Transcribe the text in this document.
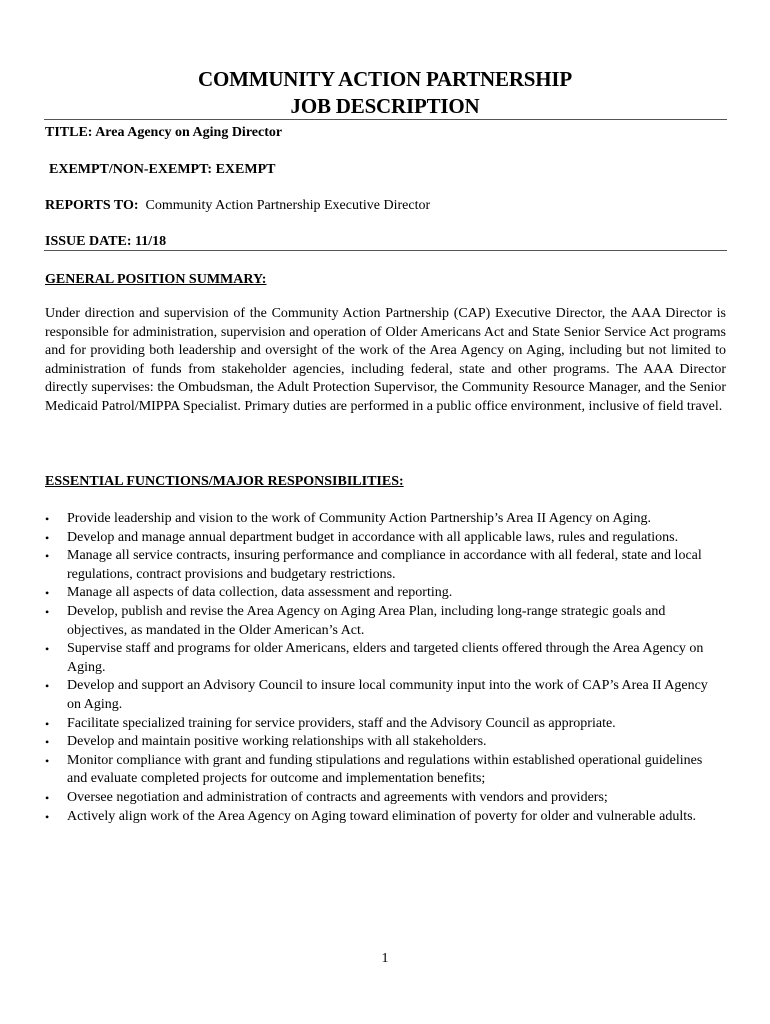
COMMUNITY ACTION PARTNERSHIP
JOB DESCRIPTION
TITLE: Area Agency on Aging Director
EXEMPT/NON-EXEMPT: EXEMPT
REPORTS TO: Community Action Partnership Executive Director
ISSUE DATE: 11/18
GENERAL POSITION SUMMARY:
Under direction and supervision of the Community Action Partnership (CAP) Executive Director, the AAA Director is responsible for administration, supervision and operation of Older Americans Act and State Senior Service Act programs and for providing both leadership and oversight of the work of the Area Agency on Aging, including but not limited to administration of funds from stakeholder agencies, including federal, state and other programs. The AAA Director directly supervises: the Ombudsman, the Adult Protection Supervisor, the Community Resource Manager, and the Senior Medicaid Patrol/MIPPA Specialist. Primary duties are performed in a public office environment, inclusive of field travel.
ESSENTIAL FUNCTIONS/MAJOR RESPONSIBILITIES:
• Provide leadership and vision to the work of Community Action Partnership’s Area II Agency on Aging.
• Develop and manage annual department budget in accordance with all applicable laws, rules and regulations.
• Manage all service contracts, insuring performance and compliance in accordance with all federal, state and local regulations, contract provisions and budgetary restrictions.
• Manage all aspects of data collection, data assessment and reporting.
• Develop, publish and revise the Area Agency on Aging Area Plan, including long-range strategic goals and objectives, as mandated in the Older American’s Act.
• Supervise staff and programs for older Americans, elders and targeted clients offered through the Area Agency on Aging.
• Develop and support an Advisory Council to insure local community input into the work of CAP’s Area II Agency on Aging.
• Facilitate specialized training for service providers, staff and the Advisory Council as appropriate.
• Develop and maintain positive working relationships with all stakeholders.
• Monitor compliance with grant and funding stipulations and regulations within established operational guidelines and evaluate completed projects for outcome and implementation benefits;
• Oversee negotiation and administration of contracts and agreements with vendors and providers;
• Actively align work of the Area Agency on Aging toward elimination of poverty for older and vulnerable adults.
1
